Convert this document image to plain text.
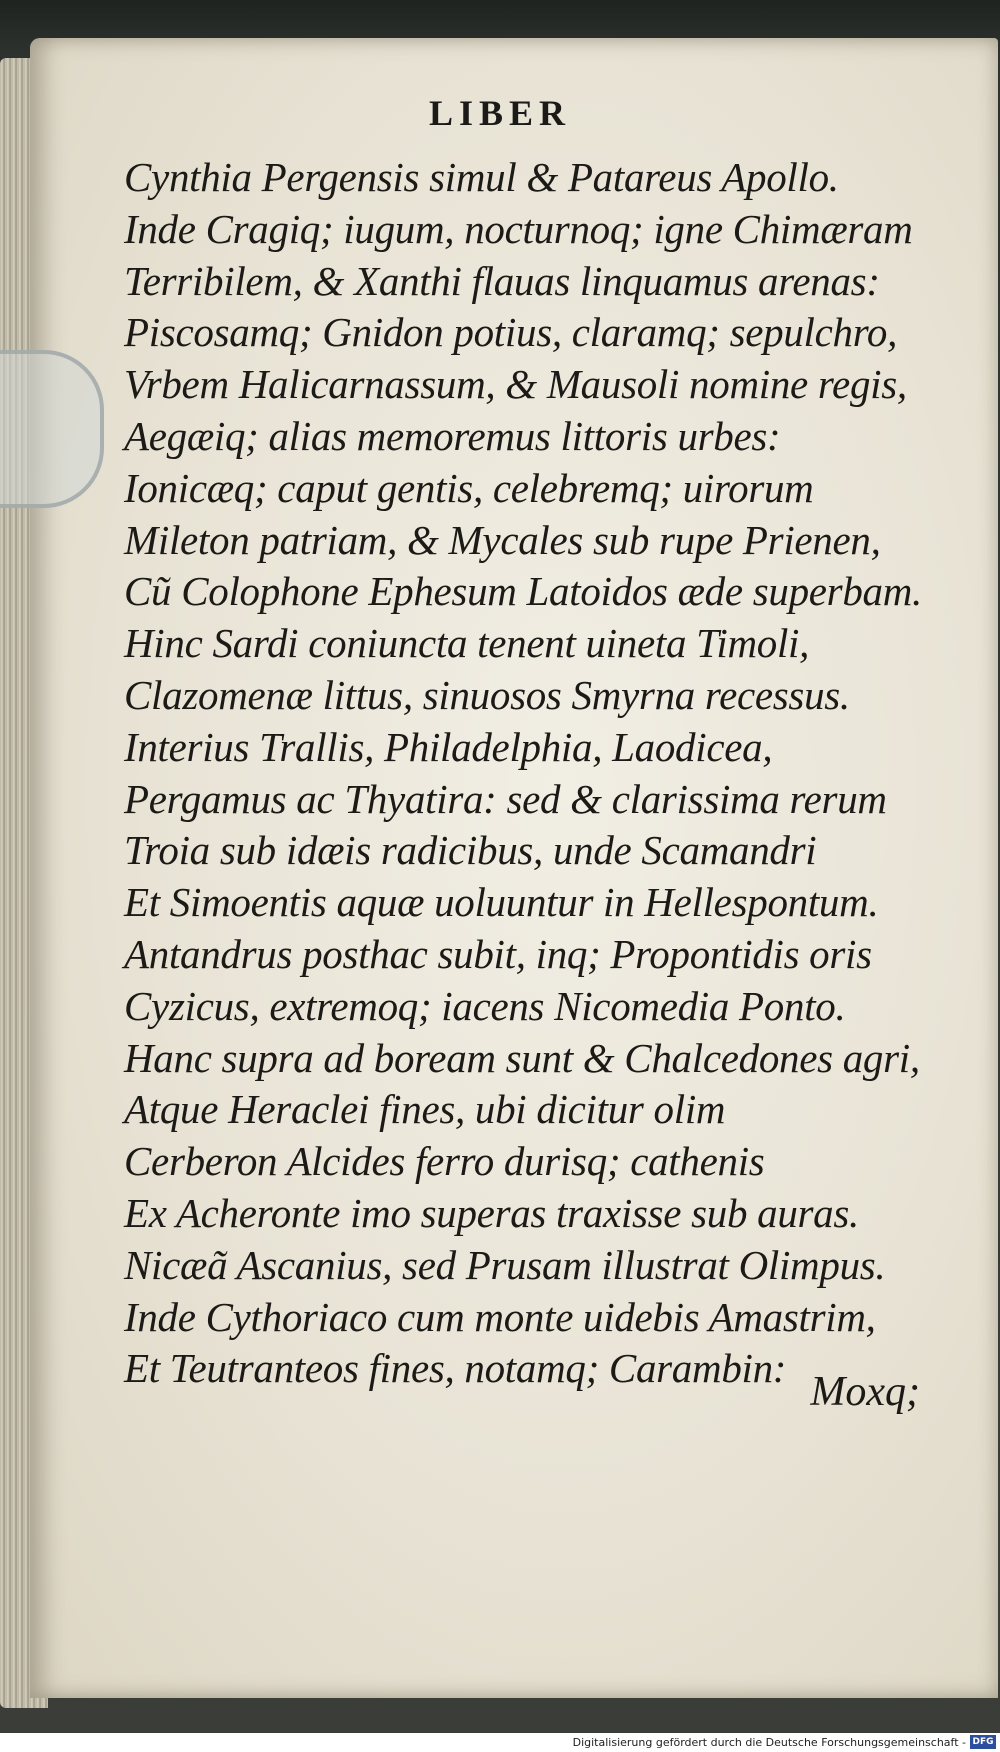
LIBER
Cynthia Pergensis simul & Patareus Apollo.
Inde Cragiq; iugum, nocturnoq; igne Chimæram
Terribilem, & Xanthi flauas linquamus arenas:
Piscosamq; Gnidon potius, claramq; sepulchro,
Vrbem Halicarnassum, & Mausoli nomine regis,
Aegæiq; alias memoremus littoris urbes:
Ionicæq; caput gentis, celebremq; uirorum
Mileton patriam, & Mycales sub rupe Prienen,
Cũ Colophone Ephesum Latoidos æde superbam.
Hinc Sardi coniuncta tenent uineta Timoli,
Clazomenæ littus, sinuosos Smyrna recessus.
Interius Trallis, Philadelphia, Laodicea,
Pergamus ac Thyatira: sed & clarissima rerum
Troia sub idæis radicibus, unde Scamandri
Et Simoentis aquæ uoluuntur in Hellespontum.
Antandrus posthac subit, inq; Propontidis oris
Cyzicus, extremoq; iacens Nicomedia Ponto.
Hanc supra ad boream sunt & Chalcedones agri,
Atque Heraclei fines, ubi dicitur olim
Cerberon Alcides ferro durisq; cathenis
Ex Acheronte imo superas traxisse sub auras.
Nicæã Ascanius, sed Prusam illustrat Olimpus.
Inde Cythoriaco cum monte uidebis Amastrim,
Et Teutranteos fines, notamq; Carambin:
Moxq;
Digitalisierung gefördert durch die Deutsche Forschungsgemeinschaft - DFG
